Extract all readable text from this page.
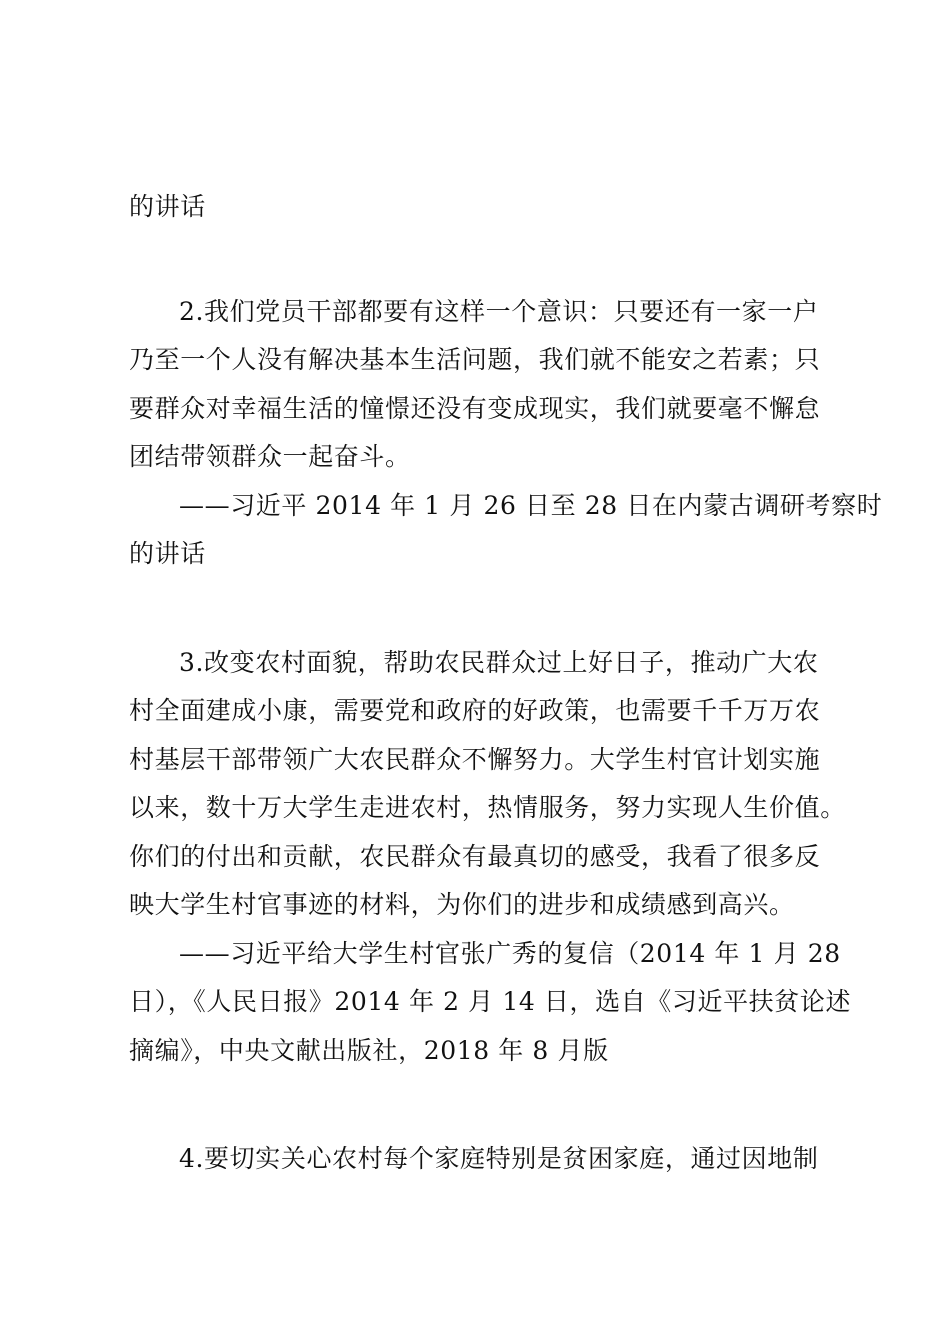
的讲话
2.我们党员干部都要有这样一个意识：只要还有一家一户
乃至一个人没有解决基本生活问题，我们就不能安之若素；只
要群众对幸福生活的憧憬还没有变成现实，我们就要毫不懈怠
团结带领群众一起奋斗。
——习近平 2014 年 1 月 26 日至 28 日在内蒙古调研考察时
的讲话
3.改变农村面貌，帮助农民群众过上好日子，推动广大农
村全面建成小康，需要党和政府的好政策，也需要千千万万农
村基层干部带领广大农民群众不懈努力。大学生村官计划实施
以来，数十万大学生走进农村，热情服务，努力实现人生价值。
你们的付出和贡献，农民群众有最真切的感受，我看了很多反
映大学生村官事迹的材料，为你们的进步和成绩感到高兴。
——习近平给大学生村官张广秀的复信（2014 年 1 月 28
日），《人民日报》2014 年 2 月 14 日，选自《习近平扶贫论述
摘编》，中央文献出版社，2018 年 8 月版
4.要切实关心农村每个家庭特别是贫困家庭，通过因地制
